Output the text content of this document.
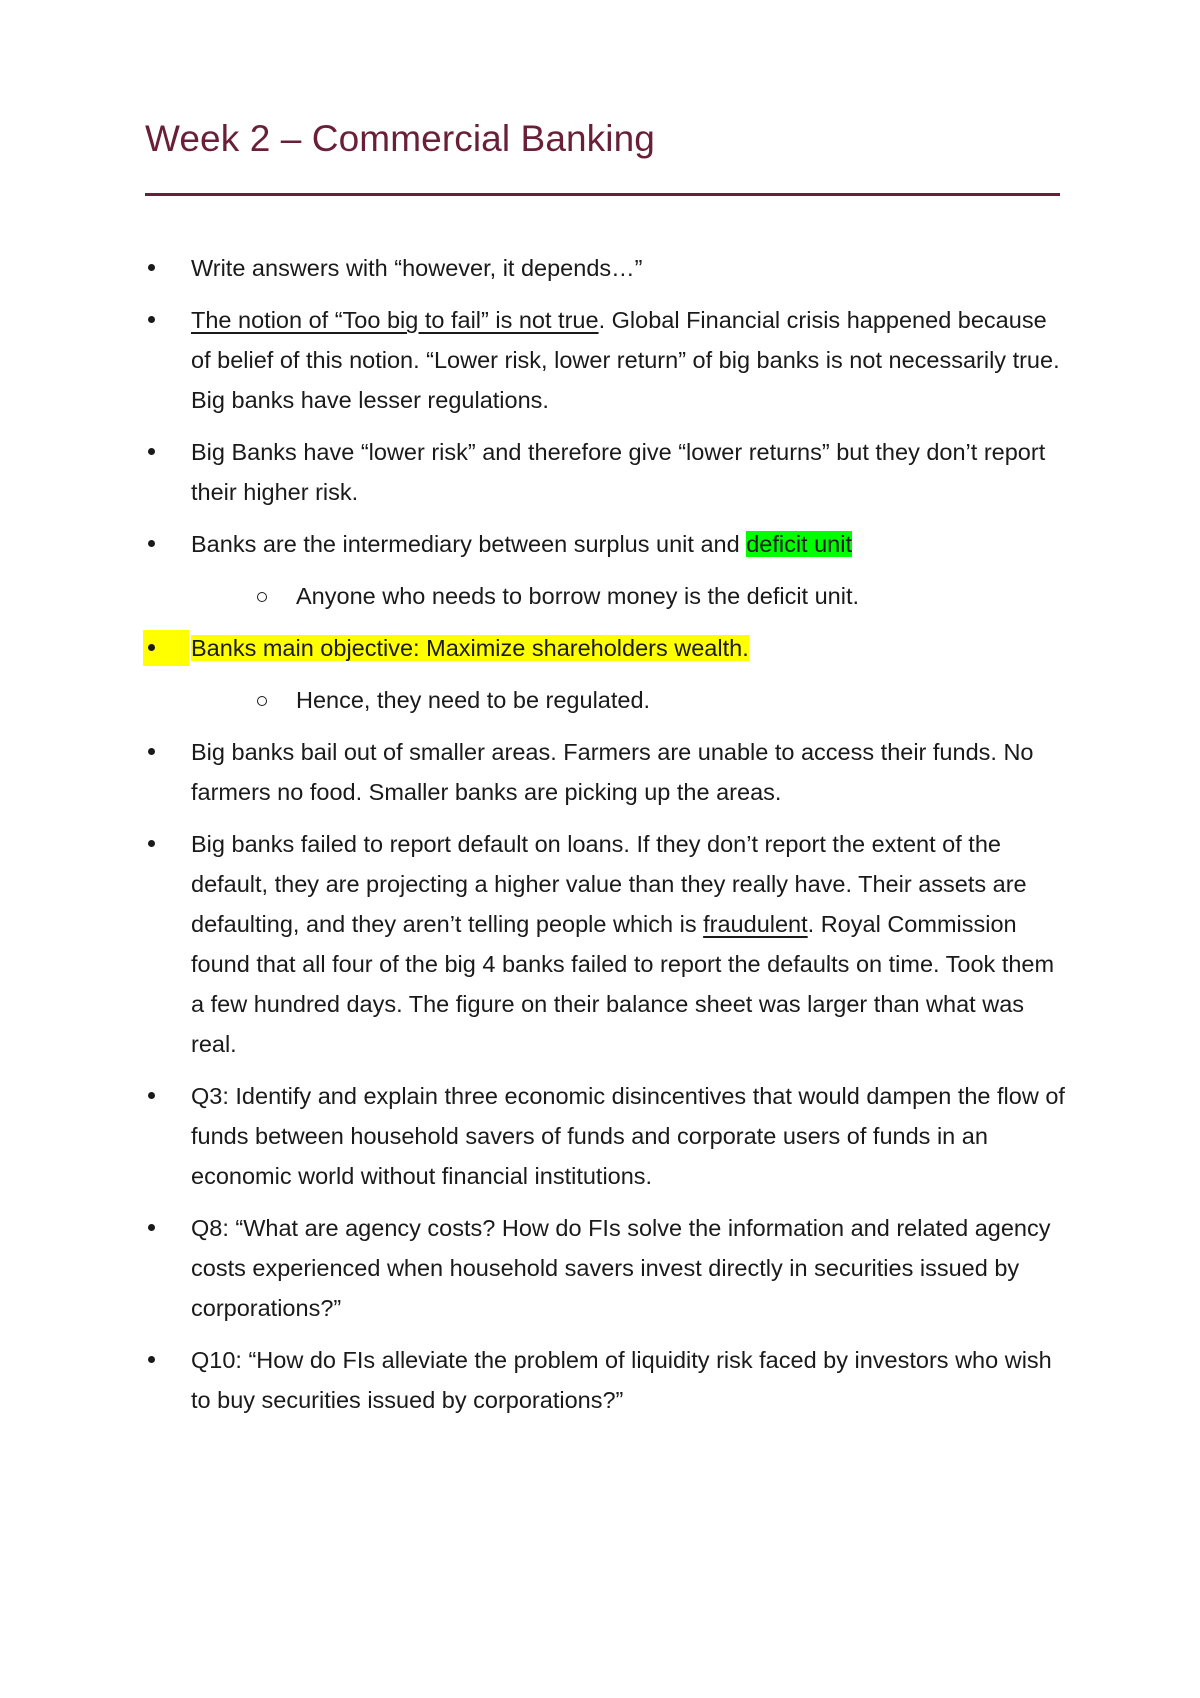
Week 2 – Commercial Banking
Write answers with “however, it depends…”
The notion of “Too big to fail” is not true. Global Financial crisis happened because of belief of this notion. “Lower risk, lower return” of big banks is not necessarily true. Big banks have lesser regulations.
Big Banks have “lower risk” and therefore give “lower returns” but they don’t report their higher risk.
Banks are the intermediary between surplus unit and deficit unit
Anyone who needs to borrow money is the deficit unit.
Banks main objective: Maximize shareholders wealth.
Hence, they need to be regulated.
Big banks bail out of smaller areas. Farmers are unable to access their funds. No farmers no food. Smaller banks are picking up the areas.
Big banks failed to report default on loans. If they don’t report the extent of the default, they are projecting a higher value than they really have. Their assets are defaulting, and they aren’t telling people which is fraudulent. Royal Commission found that all four of the big 4 banks failed to report the defaults on time. Took them a few hundred days. The figure on their balance sheet was larger than what was real.
Q3: Identify and explain three economic disincentives that would dampen the flow of funds between household savers of funds and corporate users of funds in an economic world without financial institutions.
Q8: “What are agency costs? How do FIs solve the information and related agency costs experienced when household savers invest directly in securities issued by corporations?”
Q10: “How do FIs alleviate the problem of liquidity risk faced by investors who wish to buy securities issued by corporations?”
